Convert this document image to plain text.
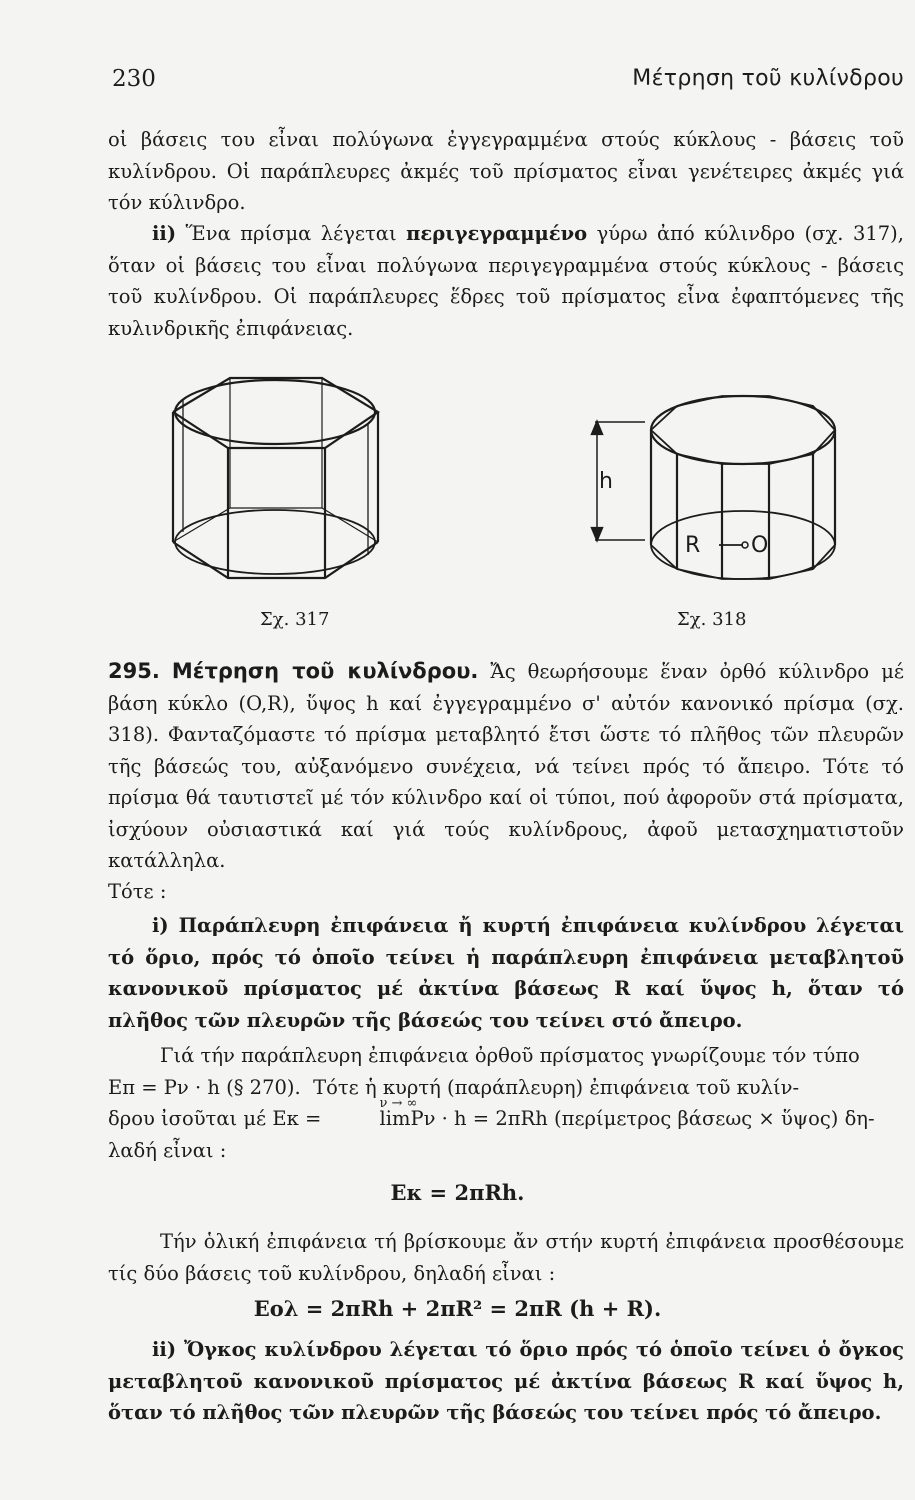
230	Μέτρηση τοῦ κυλίνδρου

οἱ βάσεις του εἶναι πολύγωνα ἐγγεγραμμένα στούς κύκλους - βάσεις τοῦ κυλίνδρου. Οἱ παράπλευρες ἀκμές τοῦ πρίσματος εἶναι γενέτειρες ἀκμές γιά τόν κύλινδρο.

ii) Ἕνα πρίσμα λέγεται περιγεγραμμένο γύρω ἀπό κύλινδρο (σχ. 317), ὅταν οἱ βάσεις του εἶναι πολύγωνα περιγεγραμμένα στούς κύκλους - βάσεις τοῦ κυλίνδρου. Οἱ παράπλευρες ἕδρες τοῦ πρίσματος εἶνα ἐφαπτόμενες τῆς κυλινδρικῆς ἐπιφάνειας.

Σχ. 317
h
R O
Σχ. 318

295. Μέτρηση τοῦ κυλίνδρου. Ἄς θεωρήσουμε ἕναν ὀρθό κύλινδρο μέ βάση κύκλο (O,R), ὕψος h καί ἐγγεγραμμένο σ' αὐτόν κανονικό πρίσμα (σχ. 318). Φανταζόμαστε τό πρίσμα μεταβλητό ἔτσι ὥστε τό πλῆθος τῶν πλευρῶν τῆς βάσεώς του, αὐξανόμενο συνέχεια, νά τείνει πρός τό ἄπειρο. Τότε τό πρίσμα θά ταυτιστεῖ μέ τόν κύλινδρο καί οἱ τύποι, πού ἀφοροῦν στά πρίσματα, ἰσχύουν οὐσιαστικά καί γιά τούς κυλίνδρους, ἀφοῦ μετασχηματιστοῦν κατάλληλα.

Τότε :

i) Παράπλευρη ἐπιφάνεια ἤ κυρτή ἐπιφάνεια κυλίνδρου λέγεται τό ὅριο, πρός τό ὁποῖο τείνει ἡ παράπλευρη ἐπιφάνεια μεταβλητοῦ κανονικοῦ πρίσματος μέ ἀκτίνα βάσεως R καί ὕψος h, ὅταν τό πλῆθος τῶν πλευρῶν τῆς βάσεώς του τείνει στό ἄπειρο.

Γιά τήν παράπλευρη ἐπιφάνεια ὀρθοῦ πρίσματος γνωρίζουμε τόν τύπο
Eπ = Pν · h (§ 270). Τότε ἡ κυρτή (παράπλευρη) ἐπιφάνεια τοῦ κυλίν-
δρου ἰσοῦται μέ Eκ =
ν → ∞
limPν · h = 2πRh (περίμετρος βάσεως × ὕψος) δη-
λαδή εἶναι :

Eκ = 2πRh.

Τήν ὁλική ἐπιφάνεια τή βρίσκουμε ἄν στήν κυρτή ἐπιφάνεια προσθέσουμε τίς δύο βάσεις τοῦ κυλίνδρου, δηλαδή εἶναι :

Eολ = 2πRh + 2πR² = 2πR (h + R).

ii) Ὄγκος κυλίνδρου λέγεται τό ὅριο πρός τό ὁποῖο τείνει ὁ ὄγκος μεταβλητοῦ κανονικοῦ πρίσματος μέ ἀκτίνα βάσεως R καί ὕψος h, ὅταν τό πλῆθος τῶν πλευρῶν τῆς βάσεώς του τείνει πρός τό ἄπειρο.
